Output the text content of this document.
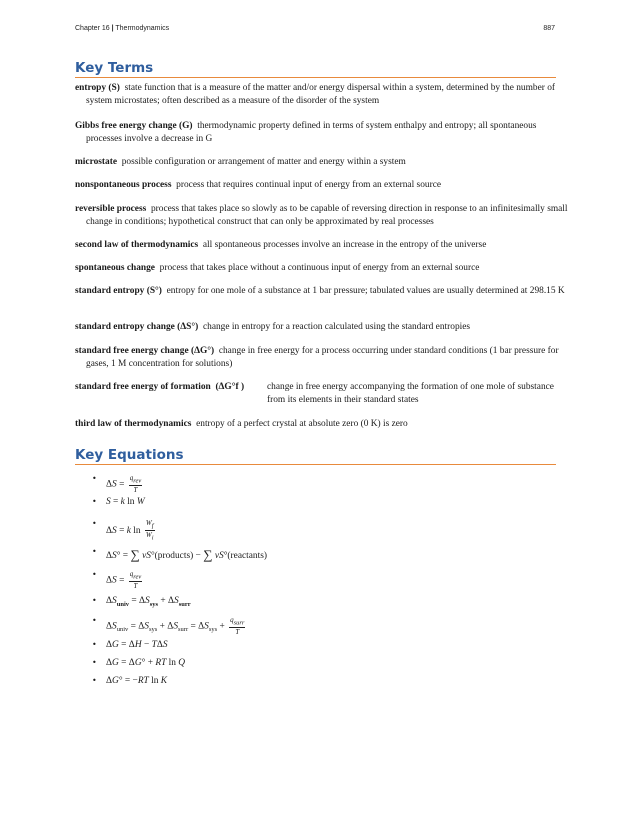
Chapter 16 | Thermodynamics	887
Key Terms
entropy (S) state function that is a measure of the matter and/or energy dispersal within a system, determined by the number of system microstates; often described as a measure of the disorder of the system
Gibbs free energy change (G) thermodynamic property defined in terms of system enthalpy and entropy; all spontaneous processes involve a decrease in G
microstate possible configuration or arrangement of matter and energy within a system
nonspontaneous process process that requires continual input of energy from an external source
reversible process process that takes place so slowly as to be capable of reversing direction in response to an infinitesimally small change in conditions; hypothetical construct that can only be approximated by real processes
second law of thermodynamics all spontaneous processes involve an increase in the entropy of the universe
spontaneous change process that takes place without a continuous input of energy from an external source
standard entropy (S°) entropy for one mole of a substance at 1 bar pressure; tabulated values are usually determined at 298.15 K
standard entropy change (ΔS°) change in entropy for a reaction calculated using the standard entropies
standard free energy change (ΔG°) change in free energy for a process occurring under standard conditions (1 bar pressure for gases, 1 M concentration for solutions)
standard free energy of formation (ΔG°f ) change in free energy accompanying the formation of one mole of substance from its elements in their standard states
third law of thermodynamics entropy of a perfect crystal at absolute zero (0 K) is zero
Key Equations
•
$\Delta S = \frac{q_{rev}}{T}$
• S = k ln W
•
ΔS = k $\ln \frac{W_f}{W_i}$
• ΔS° = ∑ νS°(products) − ∑ νS°(reactants)
•
$\Delta S = \frac{q_{rev}}{T}$
• $\Delta S_{univ} = \Delta S_{sys} + \Delta S_{surr}$
•
$\Delta S_{univ} = \Delta S_{sys} + \Delta S_{surr} = \Delta S_{sys} + \frac{q_{surr}}{T}$
• ΔG = ΔH − TΔS
• ΔG = ΔG° + RT ln Q
• ΔG° = −RT ln K
